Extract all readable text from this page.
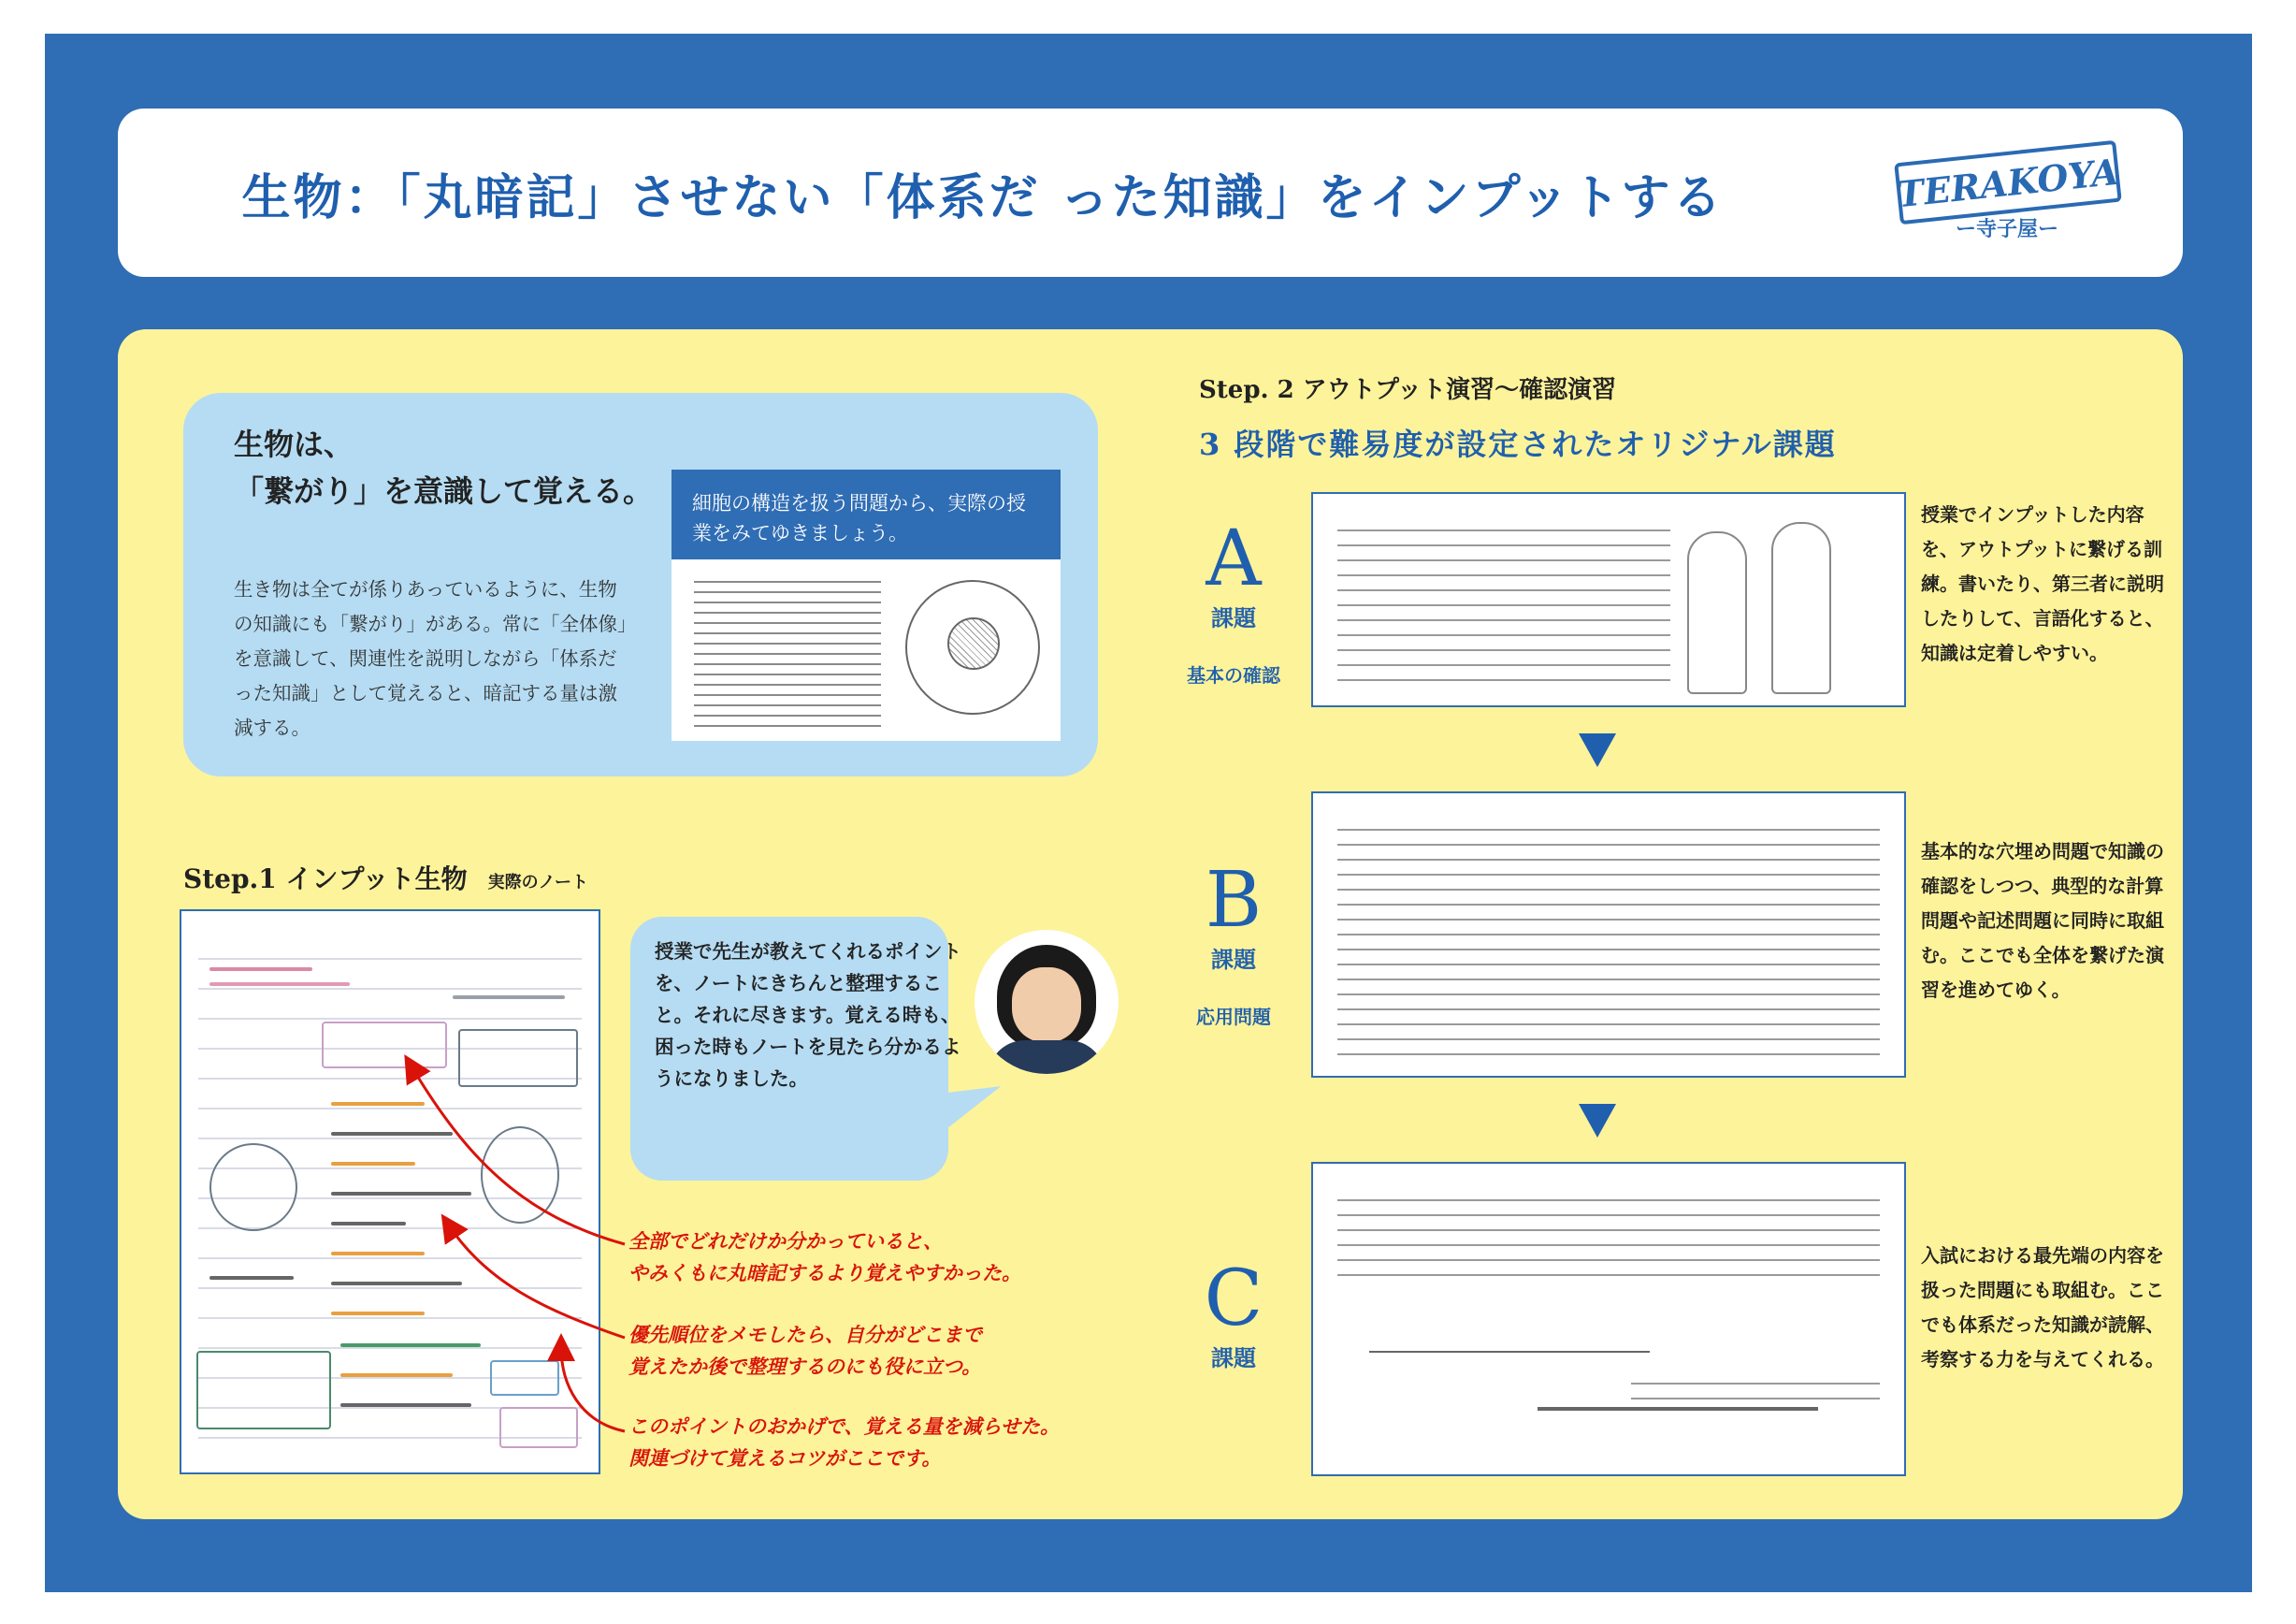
生物：「丸暗記」させない「体系だ った知識」をインプットする	TERAKOYA
ー寺子屋ー
生物は、
「繋がり」を意識して覚える。
生き物は全てが係りあっているように、生物の知識にも「繋がり」がある。常に「全体像」を意識して、関連性を説明しながら「体系だった知識」として覚えると、暗記する量は激減する。
細胞の構造を扱う問題から、実際の授業をみてゆきましょう。
Step.1 インプット生物 実際のノート
授業で先生が教えてくれるポイントを、ノートにきちんと整理すること。それに尽きます。覚える時も、困った時もノートを見たら分かるようになりました。
全部でどれだけか分かっていると、
やみくもに丸暗記するより覚えやすかった。
優先順位をメモしたら、自分がどこまで
覚えたか後で整理するのにも役に立つ。
このポイントのおかげで、覚える量を減らせた。
関連づけて覚えるコツがここです。
Step. 2 アウトプット演習～確認演習
3 段階で難易度が設定されたオリジナル課題
A
課題
基本の確認
授業でインプットした内容を、アウトプットに繋げる訓練。書いたり、第三者に説明したりして、言語化すると、知識は定着しやすい。
B
課題
応用問題
基本的な穴埋め問題で知識の確認をしつつ、典型的な計算問題や記述問題に同時に取組む。ここでも全体を繋げた演習を進めてゆく。
C
課題
入試における最先端の内容を扱った問題にも取組む。ここでも体系だった知識が読解、考察する力を与えてくれる。
